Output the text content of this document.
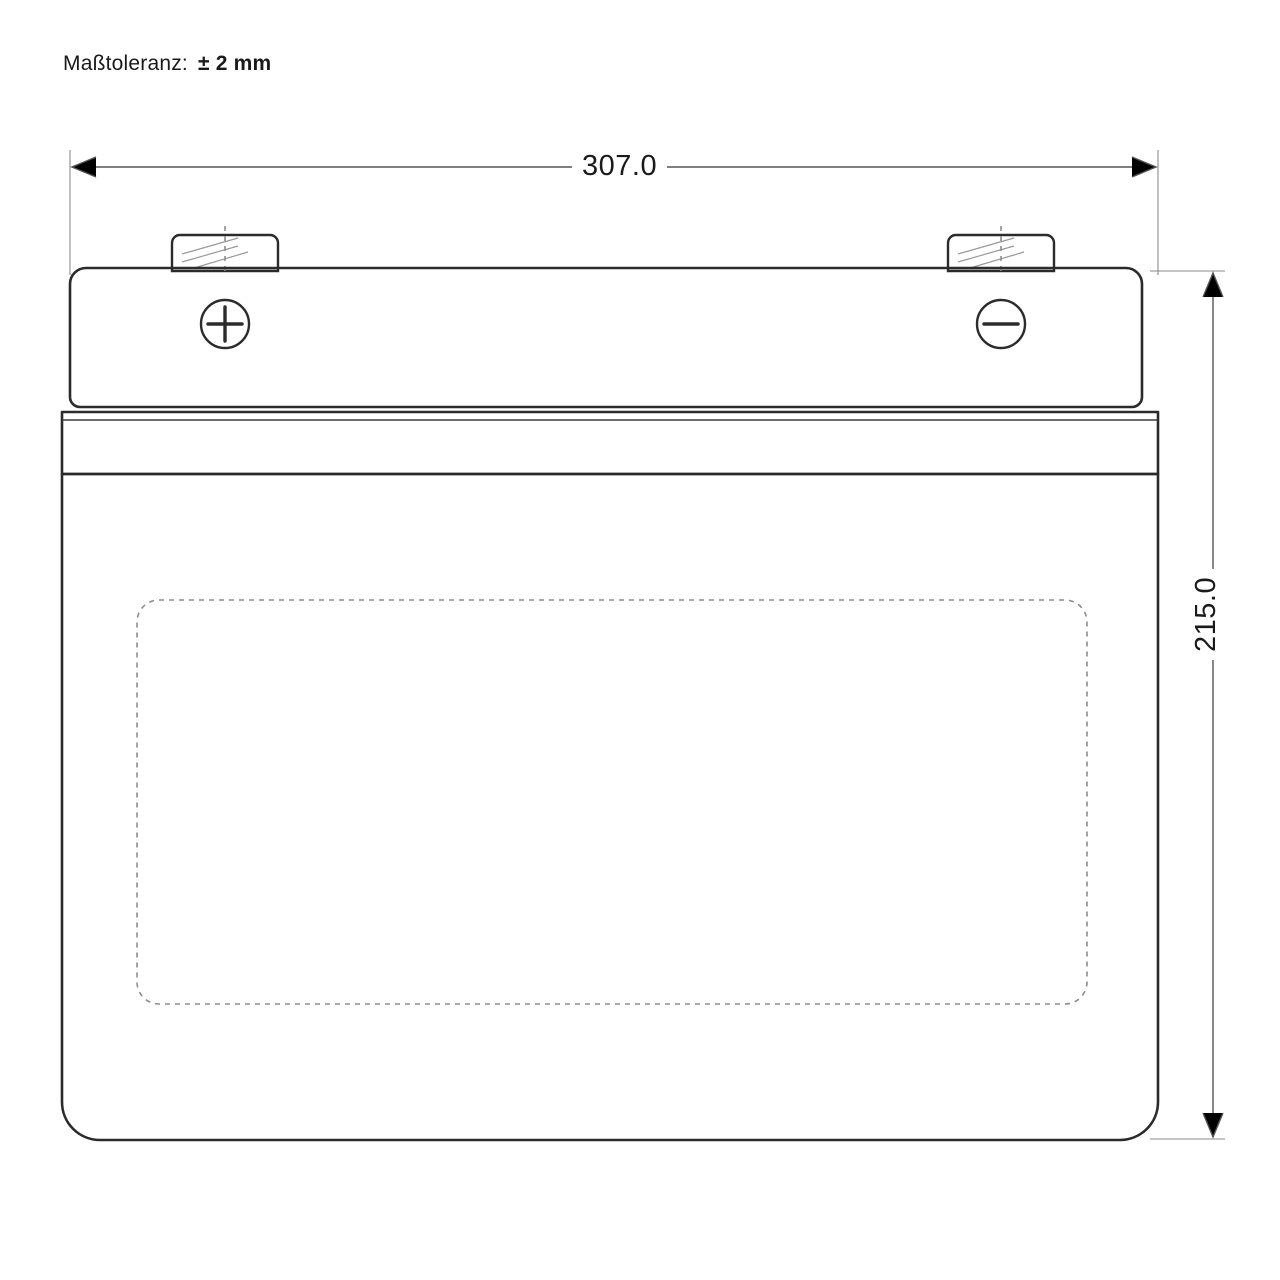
Maßtoleranz: ± 2 mm
307.0
215.0
